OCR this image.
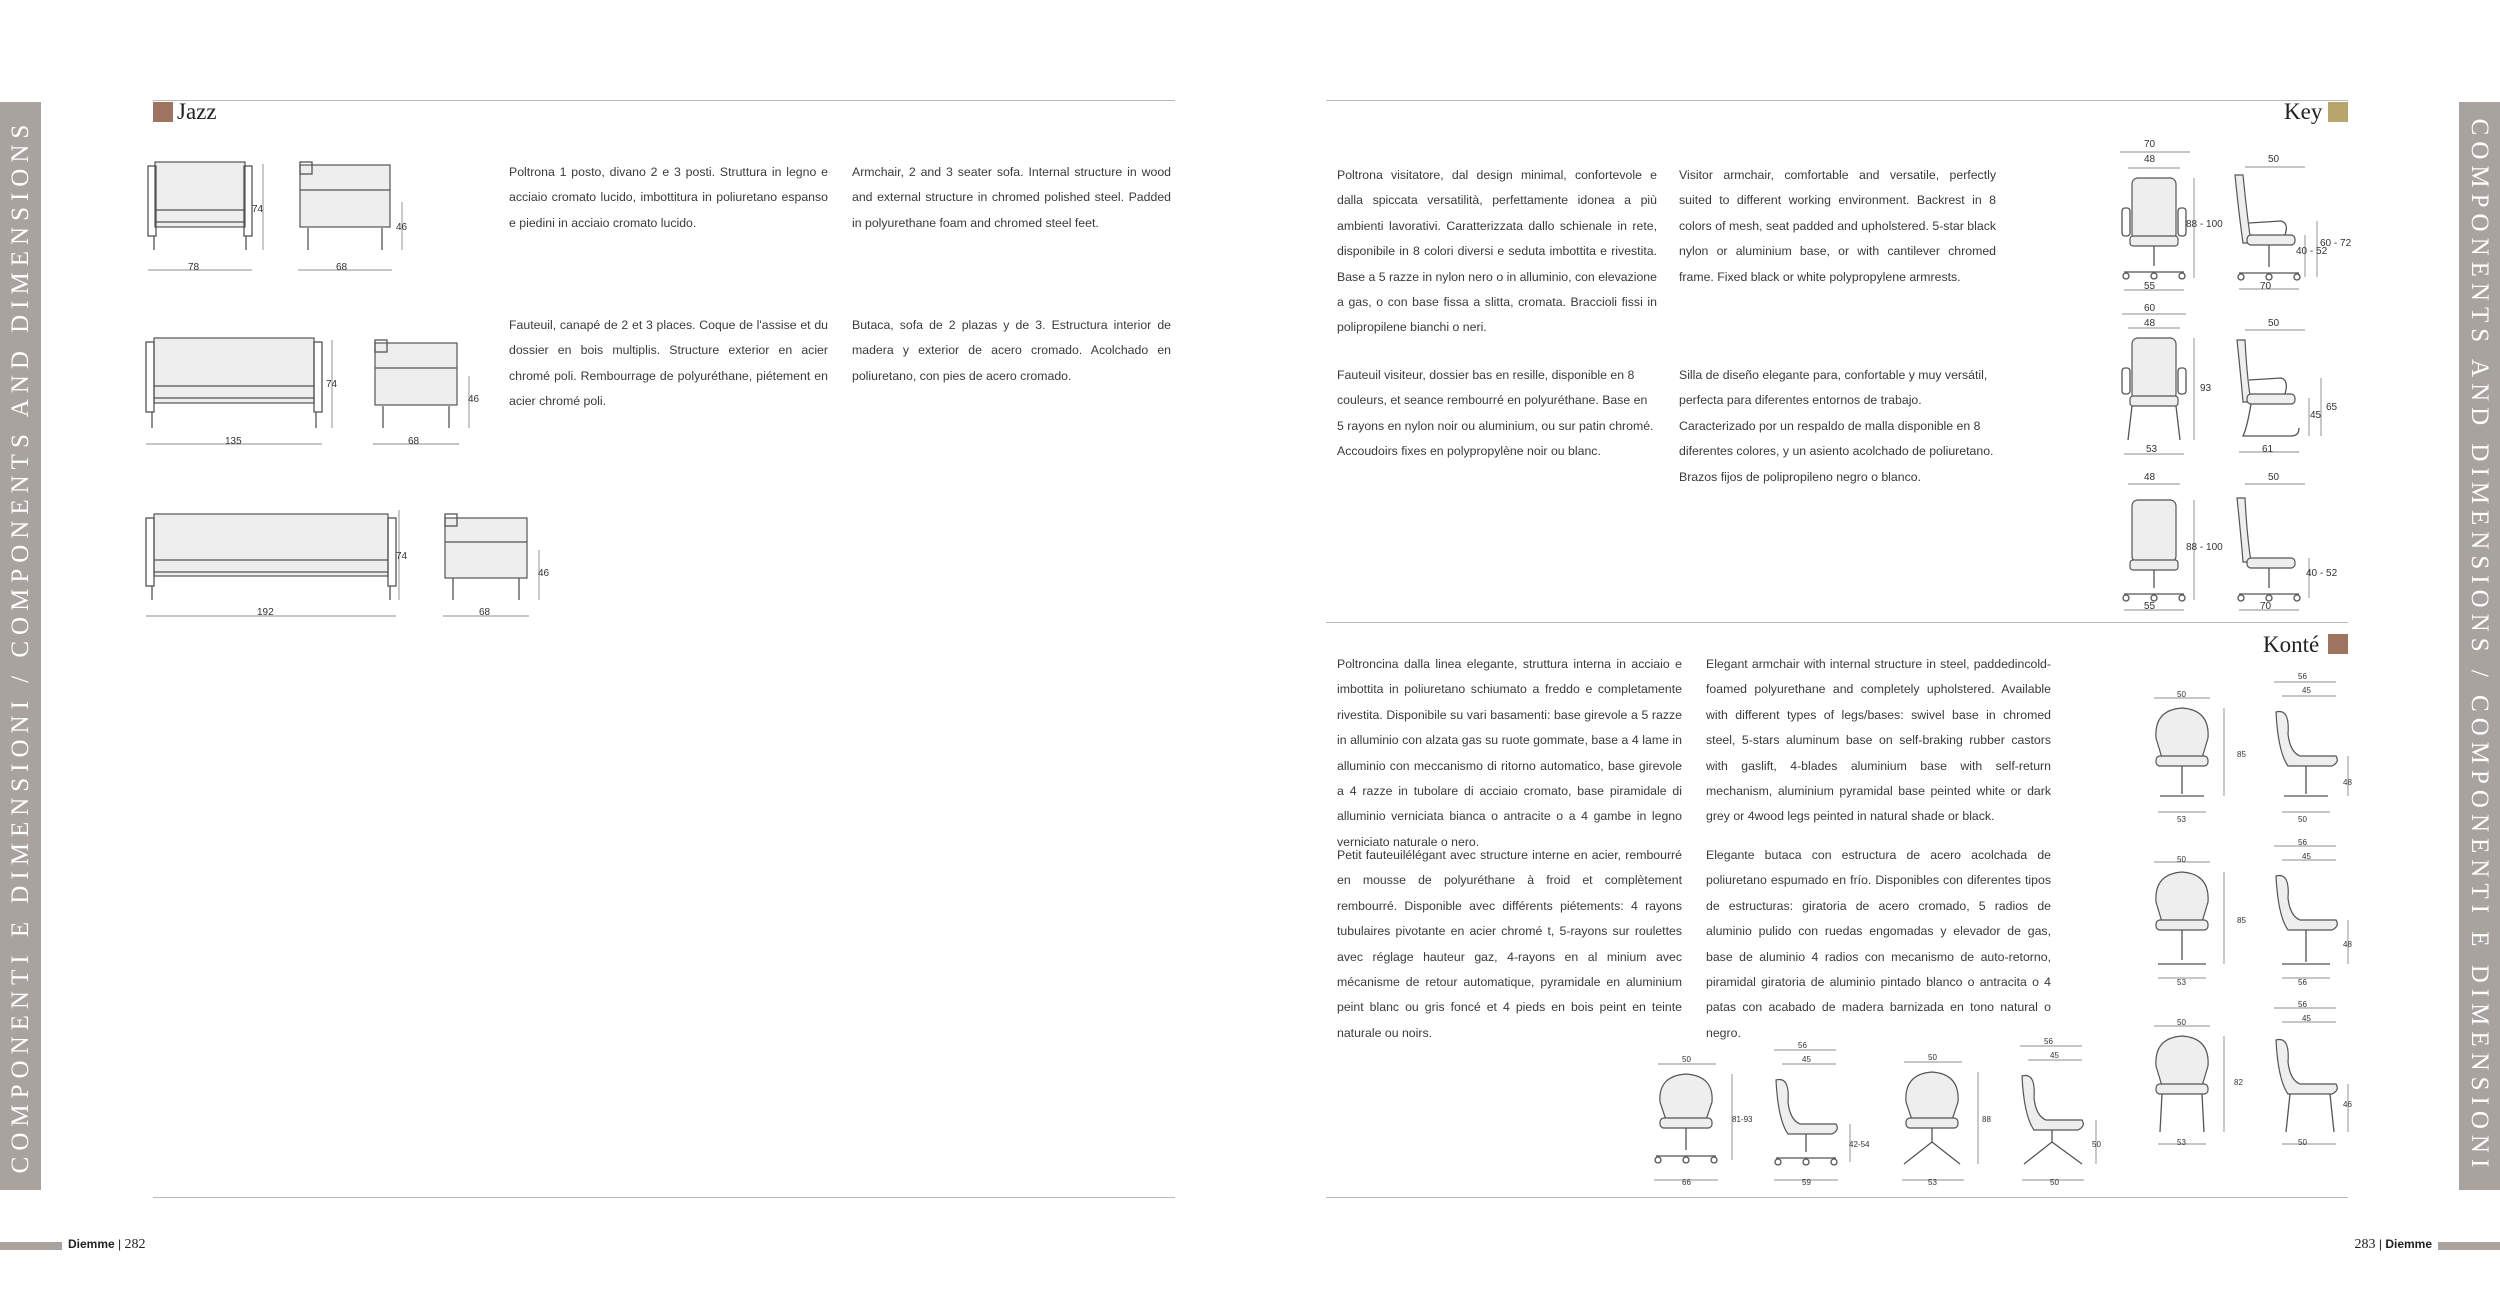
COMPONENTI E DIMENSIONI / COMPONENTS AND DIMENSIONS	COMPONENTS AND DIMENSIONS / COMPONENTI E DIMENSIONI
Jazz

Poltrona 1 posto, divano 2 e 3 posti. Struttura in legno e acciaio cromato lucido, imbottitura in poliuretano espanso e piedini in acciaio cromato lucido.

Armchair, 2 and 3 seater sofa. Internal structure in wood and external structure in chromed polished steel. Padded in polyurethane foam and chromed steel feet.

Fauteuil, canapé de 2 et 3 places. Coque de l'assise et du dossier en bois multiplis. Structure exterior en acier chromé poli. Rembourrage de polyuréthane, piétement en acier chromé poli.

Butaca, sofa de 2 plazas y de 3. Estructura interior de madera y exterior de acero cromado. Acolchado en poliuretano, con pies de acero cromado.

78
74
68
46
135
74
68
46
192
74
68
46
Key

Poltrona visitatore, dal design minimal, confortevole e dalla spiccata versatilità, perfettamente idonea a più ambienti lavorativi. Caratterizzata dallo schienale in rete, disponibile in 8 colori diversi e seduta imbottita e rivestita. Base a 5 razze in nylon nero o in alluminio, con elevazione a gas, o con base fissa a slitta, cromata. Braccioli fissi in polipropilene bianchi o neri.

Visitor armchair, comfortable and versatile, perfectly suited to different working environment. Backrest in 8 colors of mesh, seat padded and upholstered. 5-star black nylon or aluminium base, or with cantilever chromed frame. Fixed black or white polypropylene armrests.

Fauteuil visiteur, dossier bas en resille, disponible en 8 couleurs, et seance rembourré en polyuréthane. Base en 5 rayons en nylon noir ou aluminium, ou sur patin chromé. Accoudoirs fixes en polypropylène noir ou blanc.

Silla de diseño elegante para, confortable y muy versátil, perfecta para diferentes entornos de trabajo. Caracterizado por un respaldo de malla disponible en 8 diferentes colores, y un asiento acolchado de poliuretano. Brazos fijos de polipropileno negro o blanco.

70
48
88 - 100
55
50
40 - 52
60 - 72
70
60
48
93
53
50
45
65
61
48
88 - 100
55
50
40 - 52
70
Konté

Poltroncina dalla linea elegante, struttura interna in acciaio e imbottita in poliuretano schiumato a freddo e completamente rivestita. Disponibile su vari basamenti: base girevole a 5 razze in alluminio con alzata gas su ruote gommate, base a 4 lame in alluminio con meccanismo di ritorno automatico, base girevole a 4 razze in tubolare di acciaio cromato, base piramidale di alluminio verniciata bianca o antracite o a 4 gambe in legno verniciato naturale o nero.

Elegant armchair with internal structure in steel, paddedincold-foamed polyurethane and completely upholstered. Available with different types of legs/bases: swivel base in chromed steel, 5-stars aluminum base on self-braking rubber castors with gaslift, 4-blades aluminium base with self-return mechanism, aluminium pyramidal base peinted white or dark grey or 4wood legs peinted in natural shade or black.

Petit fauteuilélégant avec structure interne en acier, rembourré en mousse de polyuréthane à froid et complètement rembourré. Disponible avec différents piétements: 4 rayons tubulaires pivotante en acier chromé t, 5-rayons sur roulettes avec réglage hauteur gaz, 4-rayons en al minium avec mécanisme de retour automatique, pyramidale en aluminium peint blanc ou gris foncé et 4 pieds en bois peint en teinte naturale ou noirs.

Elegante butaca con estructura de acero acolchada de poliuretano espumado en frío. Disponibles con diferentes tipos de estructuras: giratoria de acero cromado, 5 radios de aluminio pulido con ruedas engomadas y elevador de gas, base de aluminio 4 radios con mecanismo de auto-retorno, piramidal giratoria de aluminio pintado blanco o antracita o 4 patas con acabado de madera barnizada en tono natural o negro.

50
85
53
56
45
48
50
50
85
53
56
45
48
56
50
82
53
56
45
46
50
50
81-93
66
56
45
42-54
59
50
88
53
56
45
50
50
Diemme | 282	283 | Diemme
